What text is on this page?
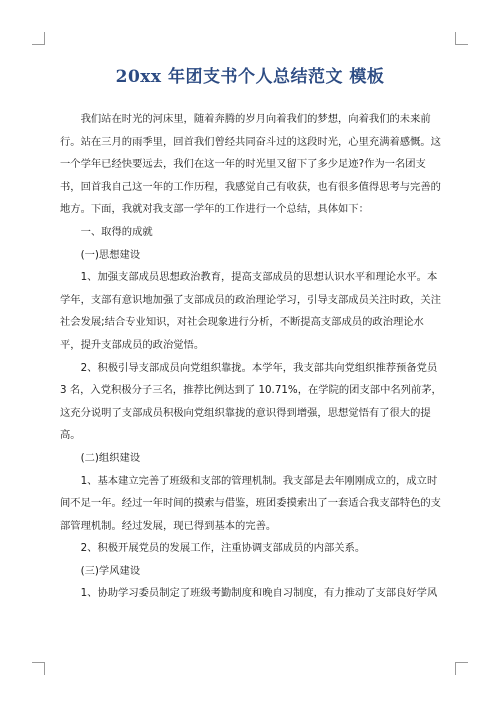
20xx 年团支书个人总结范文 模板

我们站在时光的河床里，随着奔腾的岁月向着我们的梦想，向着我们的未来前行。站在三月的雨季里，回首我们曾经共同奋斗过的这段时光，心里充满着感慨。这一个学年已经快要远去，我们在这一年的时光里又留下了多少足迹?作为一名团支书，回首我自己这一年的工作历程，我感觉自己有收获，也有很多值得思考与完善的地方。下面，我就对我支部一学年的工作进行一个总结，具体如下：

一、取得的成就

(一)思想建设

1、加强支部成员思想政治教育，提高支部成员的思想认识水平和理论水平。本学年，支部有意识地加强了支部成员的政治理论学习，引导支部成员关注时政，关注社会发展;结合专业知识，对社会现象进行分析，不断提高支部成员的政治理论水平，提升支部成员的政治觉悟。

2、积极引导支部成员向党组织靠拢。本学年，我支部共向党组织推荐预备党员 3 名，入党积极分子三名，推荐比例达到了 10.71%，在学院的团支部中名列前茅，这充分说明了支部成员积极向党组织靠拢的意识得到增强，思想觉悟有了很大的提高。

(二)组织建设

1、基本建立完善了班级和支部的管理机制。我支部是去年刚刚成立的，成立时间不足一年。经过一年时间的摸索与借鉴，班团委摸索出了一套适合我支部特色的支部管理机制。经过发展，现已得到基本的完善。

2、积极开展党员的发展工作，注重协调支部成员的内部关系。

(三)学风建设

1、协助学习委员制定了班级考勤制度和晚自习制度，有力推动了支部良好学风
